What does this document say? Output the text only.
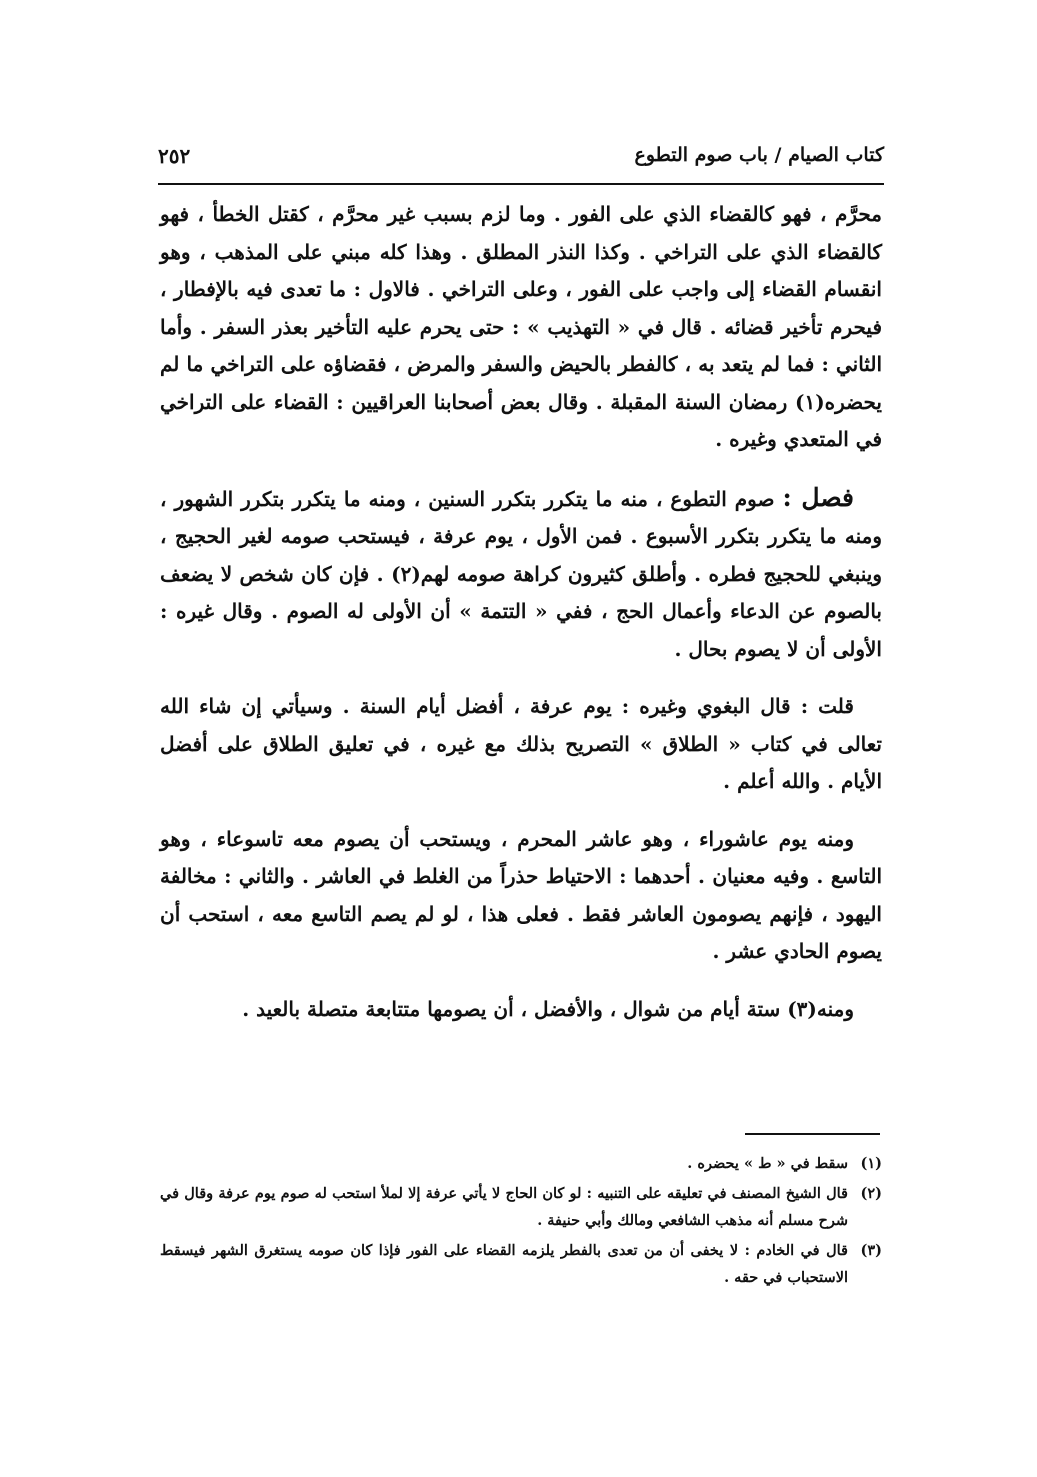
كتاب الصيام / باب صوم التطوع
٢٥٢

محرَّم ، فهو كالقضاء الذي على الفور . وما لزم بسبب غير محرَّم ، كقتل الخطأ ، فهو كالقضاء الذي على التراخي . وكذا النذر المطلق . وهذا كله مبني على المذهب ، وهو انقسام القضاء إلى واجب على الفور ، وعلى التراخي . فالاول : ما تعدى فيه بالإفطار ، فيحرم تأخير قضائه . قال في « التهذيب » : حتى يحرم عليه التأخير بعذر السفر . وأما الثاني : فما لم يتعد به ، كالفطر بالحيض والسفر والمرض ، فقضاؤه على التراخي ما لم يحضره(١) رمضان السنة المقبلة . وقال بعض أصحابنا العراقيين : القضاء على التراخي في المتعدي وغيره .

فصل : صوم التطوع ، منه ما يتكرر بتكرر السنين ، ومنه ما يتكرر بتكرر الشهور ، ومنه ما يتكرر بتكرر الأسبوع . فمن الأول ، يوم عرفة ، فيستحب صومه لغير الحجيج ، وينبغي للحجيج فطره . وأطلق كثيرون كراهة صومه لهم(٢) . فإن كان شخص لا يضعف بالصوم عن الدعاء وأعمال الحج ، ففي « التتمة » أن الأولى له الصوم . وقال غيره : الأولى أن لا يصوم بحال .

قلت : قال البغوي وغيره : يوم عرفة ، أفضل أيام السنة . وسيأتي إن شاء الله تعالى في كتاب « الطلاق » التصريح بذلك مع غيره ، في تعليق الطلاق على أفضل الأيام . والله أعلم .

ومنه يوم عاشوراء ، وهو عاشر المحرم ، ويستحب أن يصوم معه تاسوعاء ، وهو التاسع . وفيه معنيان . أحدهما : الاحتياط حذراً من الغلط في العاشر . والثاني : مخالفة اليهود ، فإنهم يصومون العاشر فقط . فعلى هذا ، لو لم يصم التاسع معه ، استحب أن يصوم الحادي عشر .

ومنه(٣) ستة أيام من شوال ، والأفضل ، أن يصومها متتابعة متصلة بالعيد .

(١)
سقط في « ط » يحضره .
(٢)
قال الشيخ المصنف في تعليقه على التنبيه : لو كان الحاج لا يأتي عرفة إلا لملأ استحب له صوم يوم عرفة وقال في شرح مسلم أنه مذهب الشافعي ومالك وأبي حنيفة .
(٣)
قال في الخادم : لا يخفى أن من تعدى بالفطر يلزمه القضاء على الفور فإذا كان صومه يستغرق الشهر فيسقط الاستحباب في حقه .
